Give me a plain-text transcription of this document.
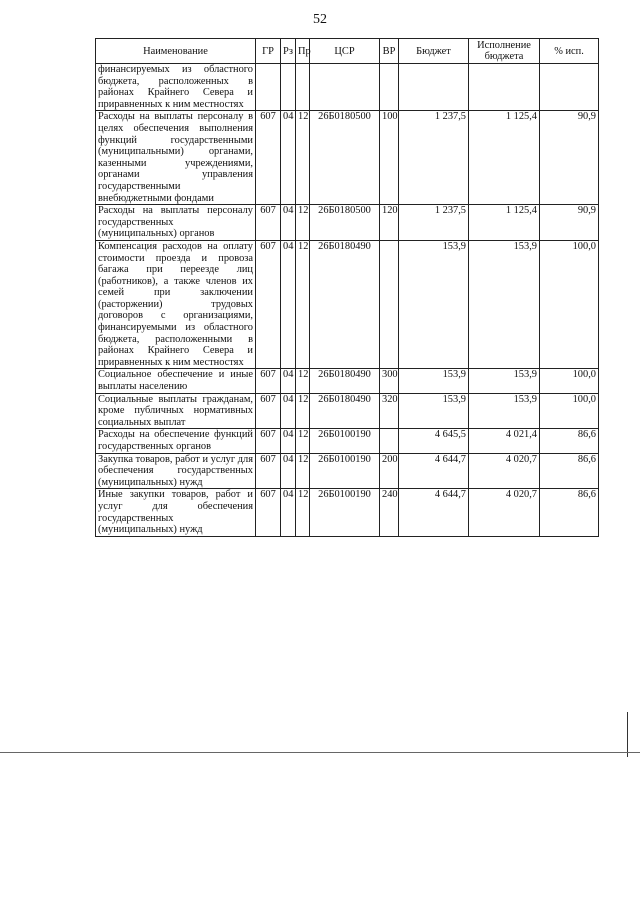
52
Наименование	ГР	Рз	Пр	ЦСР	ВР	Бюджет	Исполнение бюджета	% исп.
финансируемых из областного бюджета, расположенных в районах Крайнего Севера и приравненных к ним местностях								
Расходы на выплаты персоналу в целях обеспечения выполнения функций государственными (муниципальными) органами, казенными учреждениями, органами управления государственными внебюджетными фондами	607	04	12	26Б0180500	100	1 237,5	1 125,4	90,9
Расходы на выплаты персоналу государственных (муниципальных) органов	607	04	12	26Б0180500	120	1 237,5	1 125,4	90,9
Компенсация расходов на оплату стоимости проезда и провоза багажа при переезде лиц (работников), а также членов их семей при заключении (расторжении) трудовых договоров с организациями, финансируемыми из областного бюджета, расположенными в районах Крайнего Севера и приравненных к ним местностях	607	04	12	26Б0180490		153,9	153,9	100,0
Социальное обеспечение и иные выплаты населению	607	04	12	26Б0180490	300	153,9	153,9	100,0
Социальные выплаты гражданам, кроме публичных нормативных социальных выплат	607	04	12	26Б0180490	320	153,9	153,9	100,0
Расходы на обеспечение функций государственных органов	607	04	12	26Б0100190		4 645,5	4 021,4	86,6
Закупка товаров, работ и услуг для обеспечения государственных (муниципальных) нужд	607	04	12	26Б0100190	200	4 644,7	4 020,7	86,6
Иные закупки товаров, работ и услуг для обеспечения государственных (муниципальных) нужд	607	04	12	26Б0100190	240	4 644,7	4 020,7	86,6
